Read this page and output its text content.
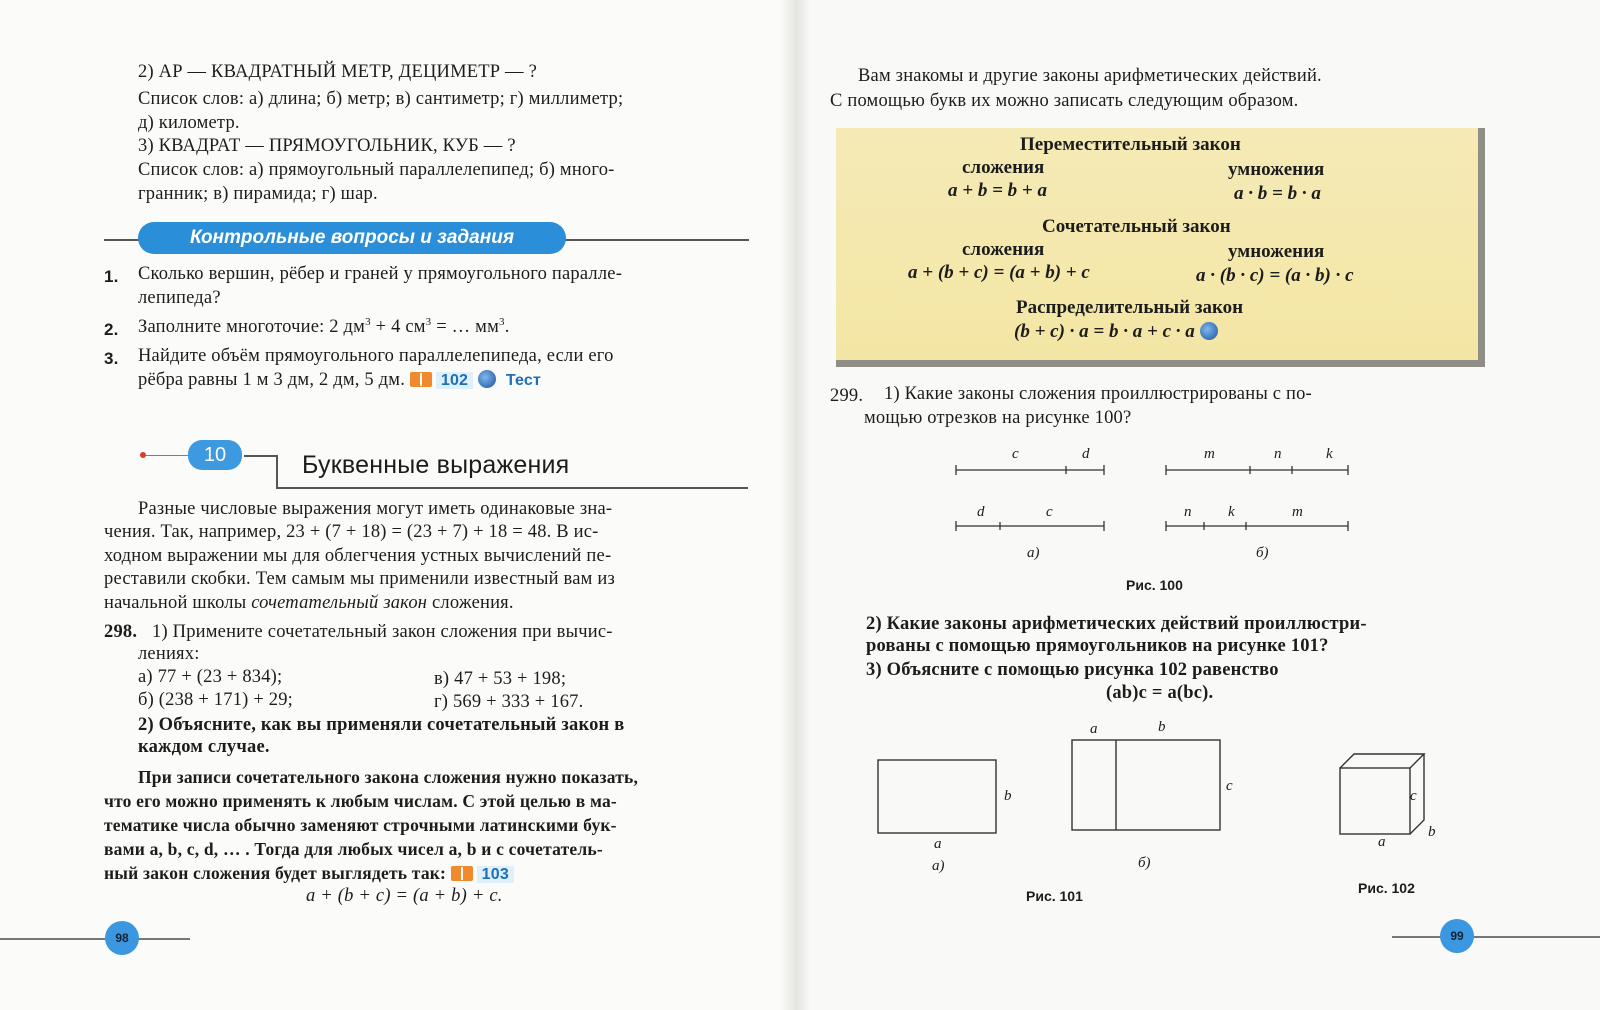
2) АР — КВАДРАТНЫЙ МЕТР, ДЕЦИМЕТР — ?
Список слов: а) длина; б) метр; в) сантиметр; г) миллиметр;
д) километр.
3) КВАДРАТ — ПРЯМОУГОЛЬНИК, КУБ — ?
Список слов: а) прямоугольный параллелепипед; б) много-
гранник; в) пирамида; г) шар.
Контрольные вопросы и задания
1. Сколько вершин, рёбер и граней у прямоугольного паралле-
лепипеда?
2. Заполните многоточие: 2 $дм^3 + 4$ $см^3$ = … $мм^3$.
3. Найдите объём прямоугольного параллелепипеда, если его
рёбра равны 1 м 3 дм, 2 дм, 5 дм. 102 Тест
10	Буквенные выражения
Разные числовые выражения могут иметь одинаковые зна-
чения. Так, например, 23 + (7 + 18) = (23 + 7) + 18 = 48. В ис-
ходном выражении мы для облегчения устных вычислений пе-
реставили скобки. Тем самым мы применили известный вам из
начальной школы сочетательный закон сложения.
298. 1) Примените сочетательный закон сложения при вычис-
лениях:
а) 77 + (23 + 834);	в) 47 + 53 + 198;
б) (238 + 171) + 29;	г) 569 + 333 + 167.
2) Объясните, как вы применяли сочетательный закон в
каждом случае.
При записи сочетательного закона сложения нужно показать,
что его можно применять к любым числам. С этой целью в ма-
тематике числа обычно заменяют строчными латинскими бук-
вами a, b, c, d, … . Тогда для любых чисел a, b и c сочетатель-
ный закон сложения будет выглядеть так: 103
a + (b + c) = (a + b) + c.
98
Вам знакомы и другие законы арифметических действий.
С помощью букв их можно записать следующим образом.
Переместительный закон
сложения	умножения
a + b = b + a	a · b = b · a
Сочетательный закон
сложения	умножения
a + (b + c) = (a + b) + c	a · (b · c) = (a · b) · c
Распределительный закон
(b + c) · a = b · a + c · a
299. 1) Какие законы сложения проиллюстрированы с по-
мощью отрезков на рисунке 100?
c	d
d	c
m	n	k
n k	m
а)	б)
Рис. 100
2) Какие законы арифметических действий проиллюстри-
рованы с помощью прямоугольников на рисунке 101?
3) Объясните с помощью рисунка 102 равенство
(ab)c = a(bc).
a
b
a	b
c
а)	б)
Рис. 101
a
b
c
Рис. 102
99
